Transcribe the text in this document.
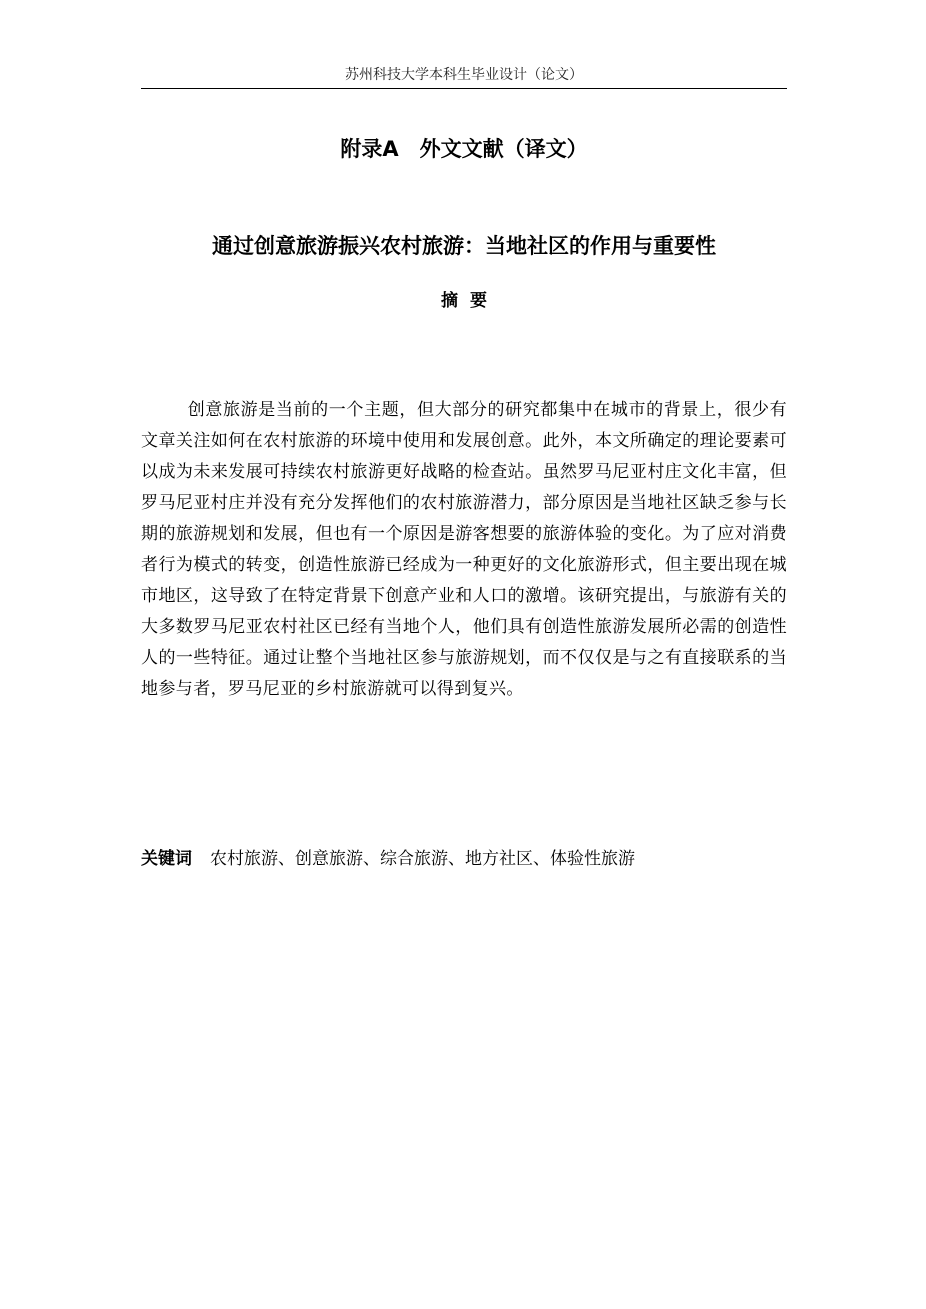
苏州科技大学本科生毕业设计（论文）
附录A　外文文献（译文）
通过创意旅游振兴农村旅游：当地社区的作用与重要性
摘要

创意旅游是当前的一个主题，但大部分的研究都集中在城市的背景上，很少有文章关注如何在农村旅游的环境中使用和发展创意。此外，本文所确定的理论要素可以成为未来发展可持续农村旅游更好战略的检查站。虽然罗马尼亚村庄文化丰富，但罗马尼亚村庄并没有充分发挥他们的农村旅游潜力，部分原因是当地社区缺乏参与长期的旅游规划和发展，但也有一个原因是游客想要的旅游体验的变化。为了应对消费者行为模式的转变，创造性旅游已经成为一种更好的文化旅游形式，但主要出现在城市地区，这导致了在特定背景下创意产业和人口的激增。该研究提出，与旅游有关的大多数罗马尼亚农村社区已经有当地个人，他们具有创造性旅游发展所必需的创造性人的一些特征。通过让整个当地社区参与旅游规划，而不仅仅是与之有直接联系的当地参与者，罗马尼亚的乡村旅游就可以得到复兴。

关键词 农村旅游、创意旅游、综合旅游、地方社区、体验性旅游
